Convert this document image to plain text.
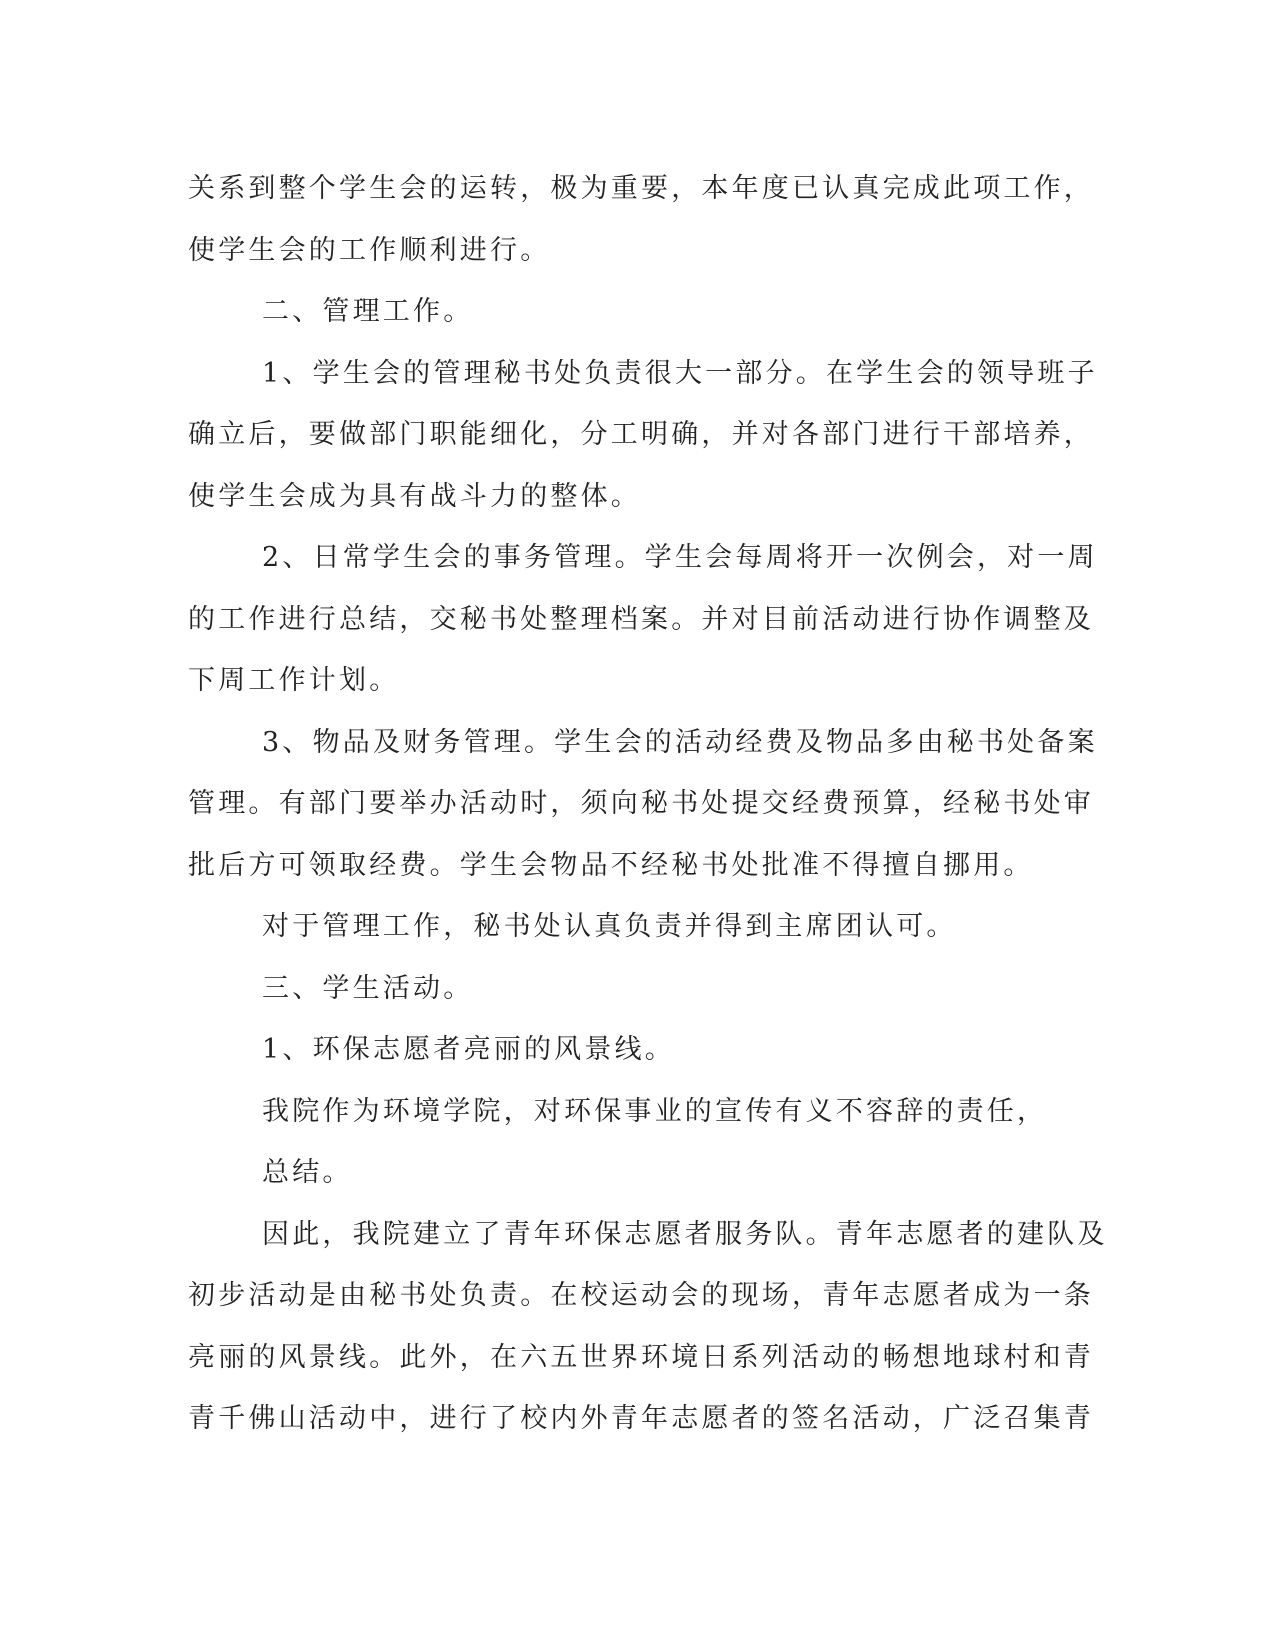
关系到整个学生会的运转，极为重要，本年度已认真完成此项工作，
使学生会的工作顺利进行。

二、管理工作。

1、学生会的管理秘书处负责很大一部分。在学生会的领导班子
确立后，要做部门职能细化，分工明确，并对各部门进行干部培养，
使学生会成为具有战斗力的整体。

2、日常学生会的事务管理。学生会每周将开一次例会，对一周
的工作进行总结，交秘书处整理档案。并对目前活动进行协作调整及
下周工作计划。

3、物品及财务管理。学生会的活动经费及物品多由秘书处备案
管理。有部门要举办活动时，须向秘书处提交经费预算，经秘书处审
批后方可领取经费。学生会物品不经秘书处批准不得擅自挪用。

对于管理工作，秘书处认真负责并得到主席团认可。

三、学生活动。

1、环保志愿者亮丽的风景线。

我院作为环境学院，对环保事业的宣传有义不容辞的责任，

总结。

因此，我院建立了青年环保志愿者服务队。青年志愿者的建队及
初步活动是由秘书处负责。在校运动会的现场，青年志愿者成为一条
亮丽的风景线。此外，在六五世界环境日系列活动的畅想地球村和青
青千佛山活动中，进行了校内外青年志愿者的签名活动，广泛召集青
